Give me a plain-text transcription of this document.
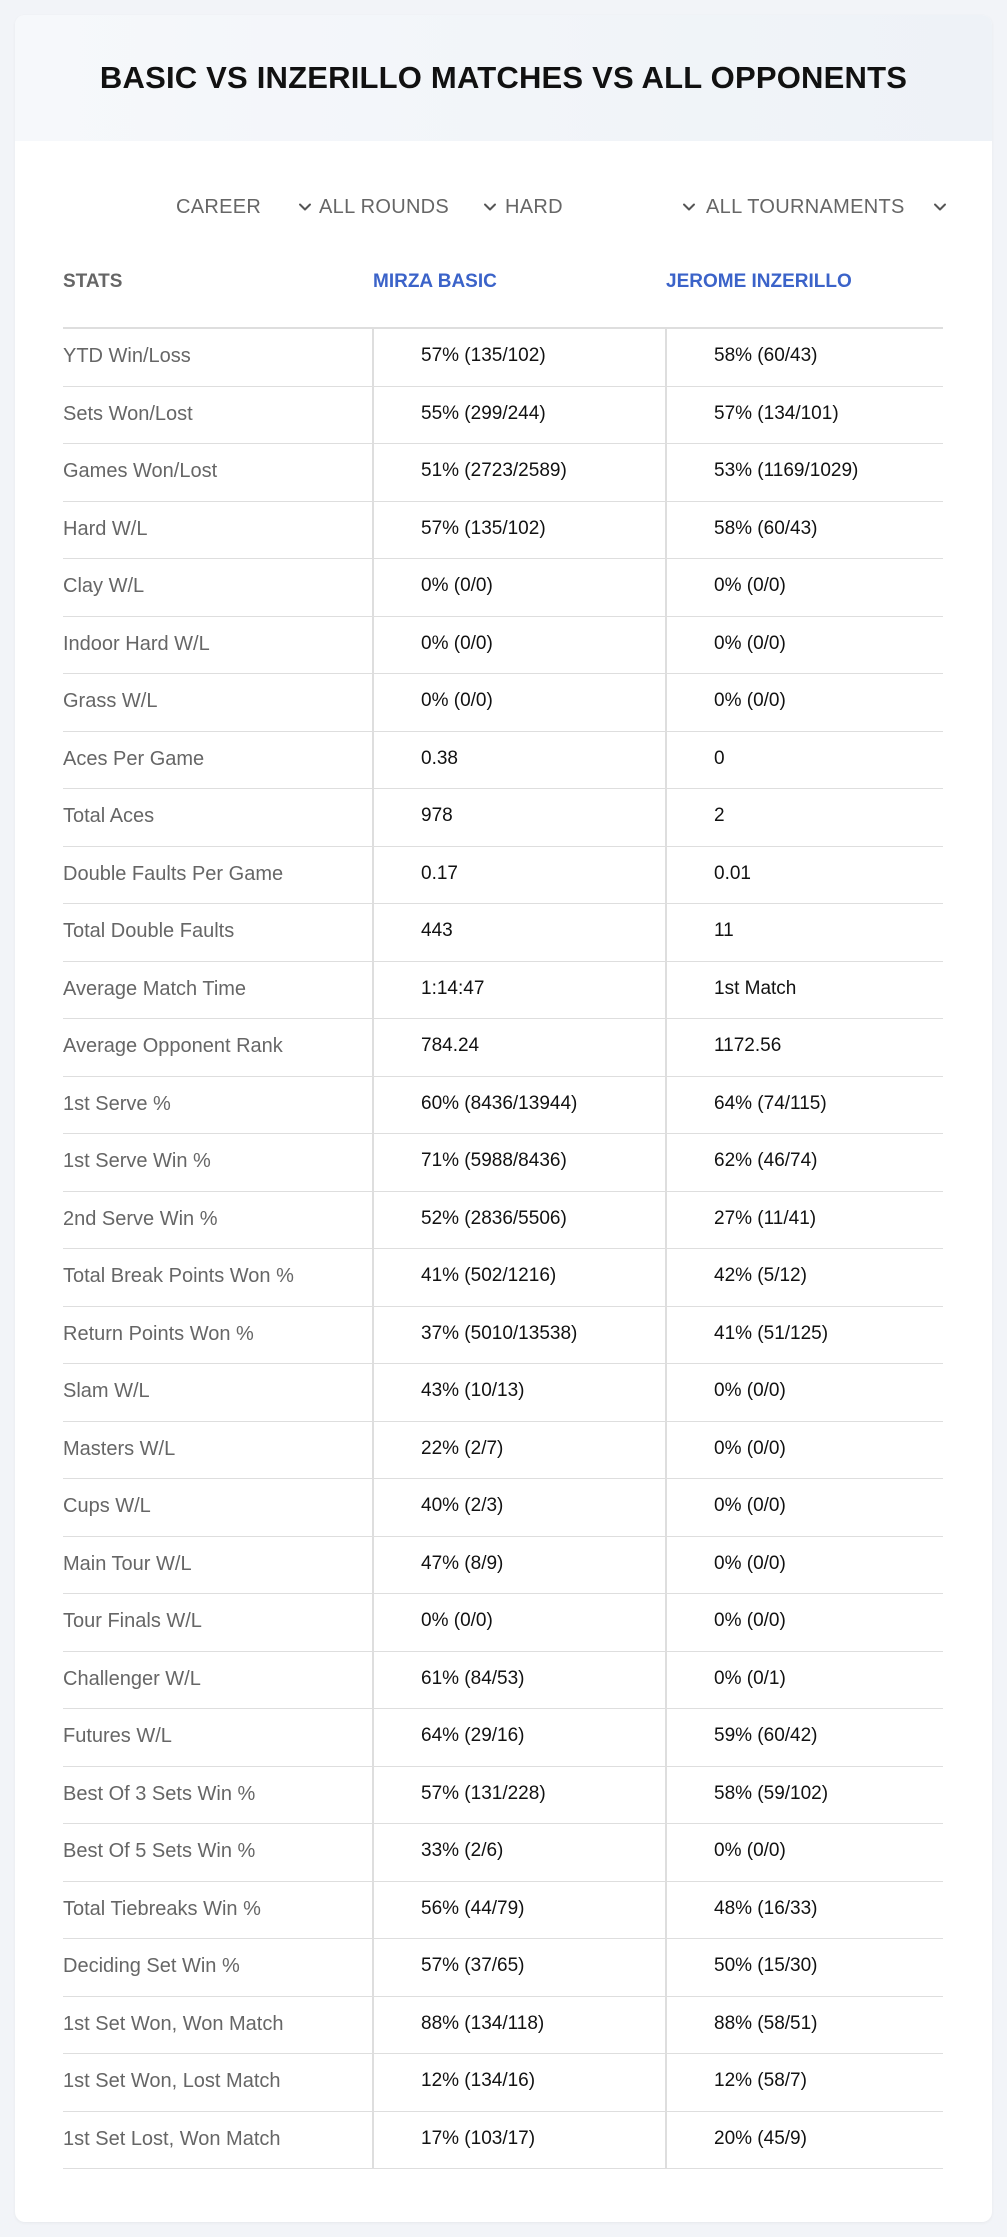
BASIC VS INZERILLO MATCHES VS ALL OPPONENTS
CAREER	ALL ROUNDS	HARD	ALL TOURNAMENTS
STATS	MIRZA BASIC	JEROME INZERILLO
YTD Win/Loss	57% (135/102)	58% (60/43)
Sets Won/Lost	55% (299/244)	57% (134/101)
Games Won/Lost	51% (2723/2589)	53% (1169/1029)
Hard W/L	57% (135/102)	58% (60/43)
Clay W/L	0% (0/0)	0% (0/0)
Indoor Hard W/L	0% (0/0)	0% (0/0)
Grass W/L	0% (0/0)	0% (0/0)
Aces Per Game	0.38	0
Total Aces	978	2
Double Faults Per Game	0.17	0.01
Total Double Faults	443	11
Average Match Time	1:14:47	1st Match
Average Opponent Rank	784.24	1172.56
1st Serve %	60% (8436/13944)	64% (74/115)
1st Serve Win %	71% (5988/8436)	62% (46/74)
2nd Serve Win %	52% (2836/5506)	27% (11/41)
Total Break Points Won %	41% (502/1216)	42% (5/12)
Return Points Won %	37% (5010/13538)	41% (51/125)
Slam W/L	43% (10/13)	0% (0/0)
Masters W/L	22% (2/7)	0% (0/0)
Cups W/L	40% (2/3)	0% (0/0)
Main Tour W/L	47% (8/9)	0% (0/0)
Tour Finals W/L	0% (0/0)	0% (0/0)
Challenger W/L	61% (84/53)	0% (0/1)
Futures W/L	64% (29/16)	59% (60/42)
Best Of 3 Sets Win %	57% (131/228)	58% (59/102)
Best Of 5 Sets Win %	33% (2/6)	0% (0/0)
Total Tiebreaks Win %	56% (44/79)	48% (16/33)
Deciding Set Win %	57% (37/65)	50% (15/30)
1st Set Won, Won Match	88% (134/118)	88% (58/51)
1st Set Won, Lost Match	12% (134/16)	12% (58/7)
1st Set Lost, Won Match	17% (103/17)	20% (45/9)
